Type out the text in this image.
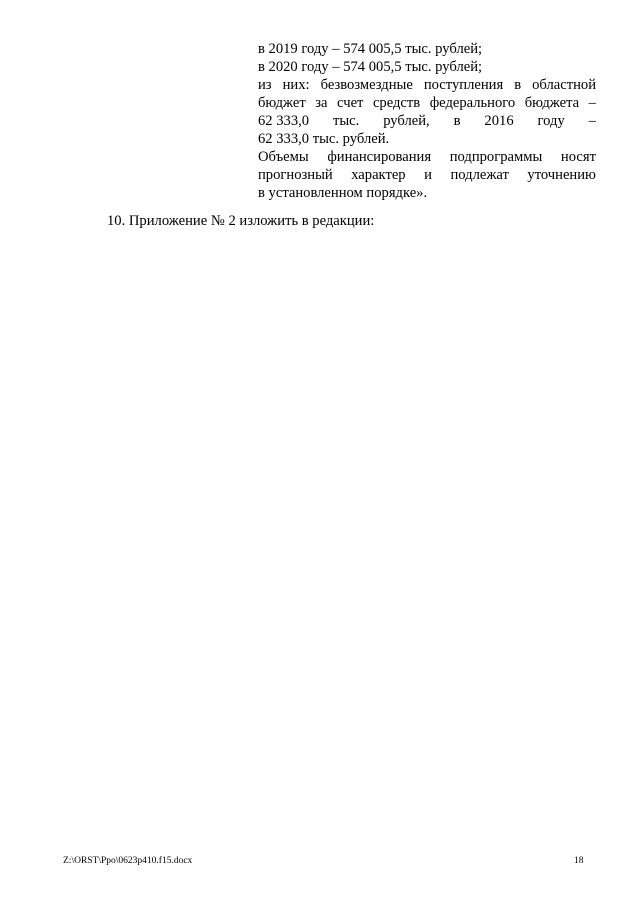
в 2019 году – 574 005,5 тыс. рублей;
в 2020 году – 574 005,5 тыс. рублей;
из них: безвозмездные поступления в областной
бюджет за счет средств федерального бюджета –
62 333,0 тыс. рублей, в 2016 году –
62 333,0 тыс. рублей.
Объемы финансирования подпрограммы носят
прогнозный характер и подлежат уточнению
в установленном порядке».
10. Приложение № 2 изложить в редакции:
Z:\ORST\Ppo\0623p410.f15.docx	18
